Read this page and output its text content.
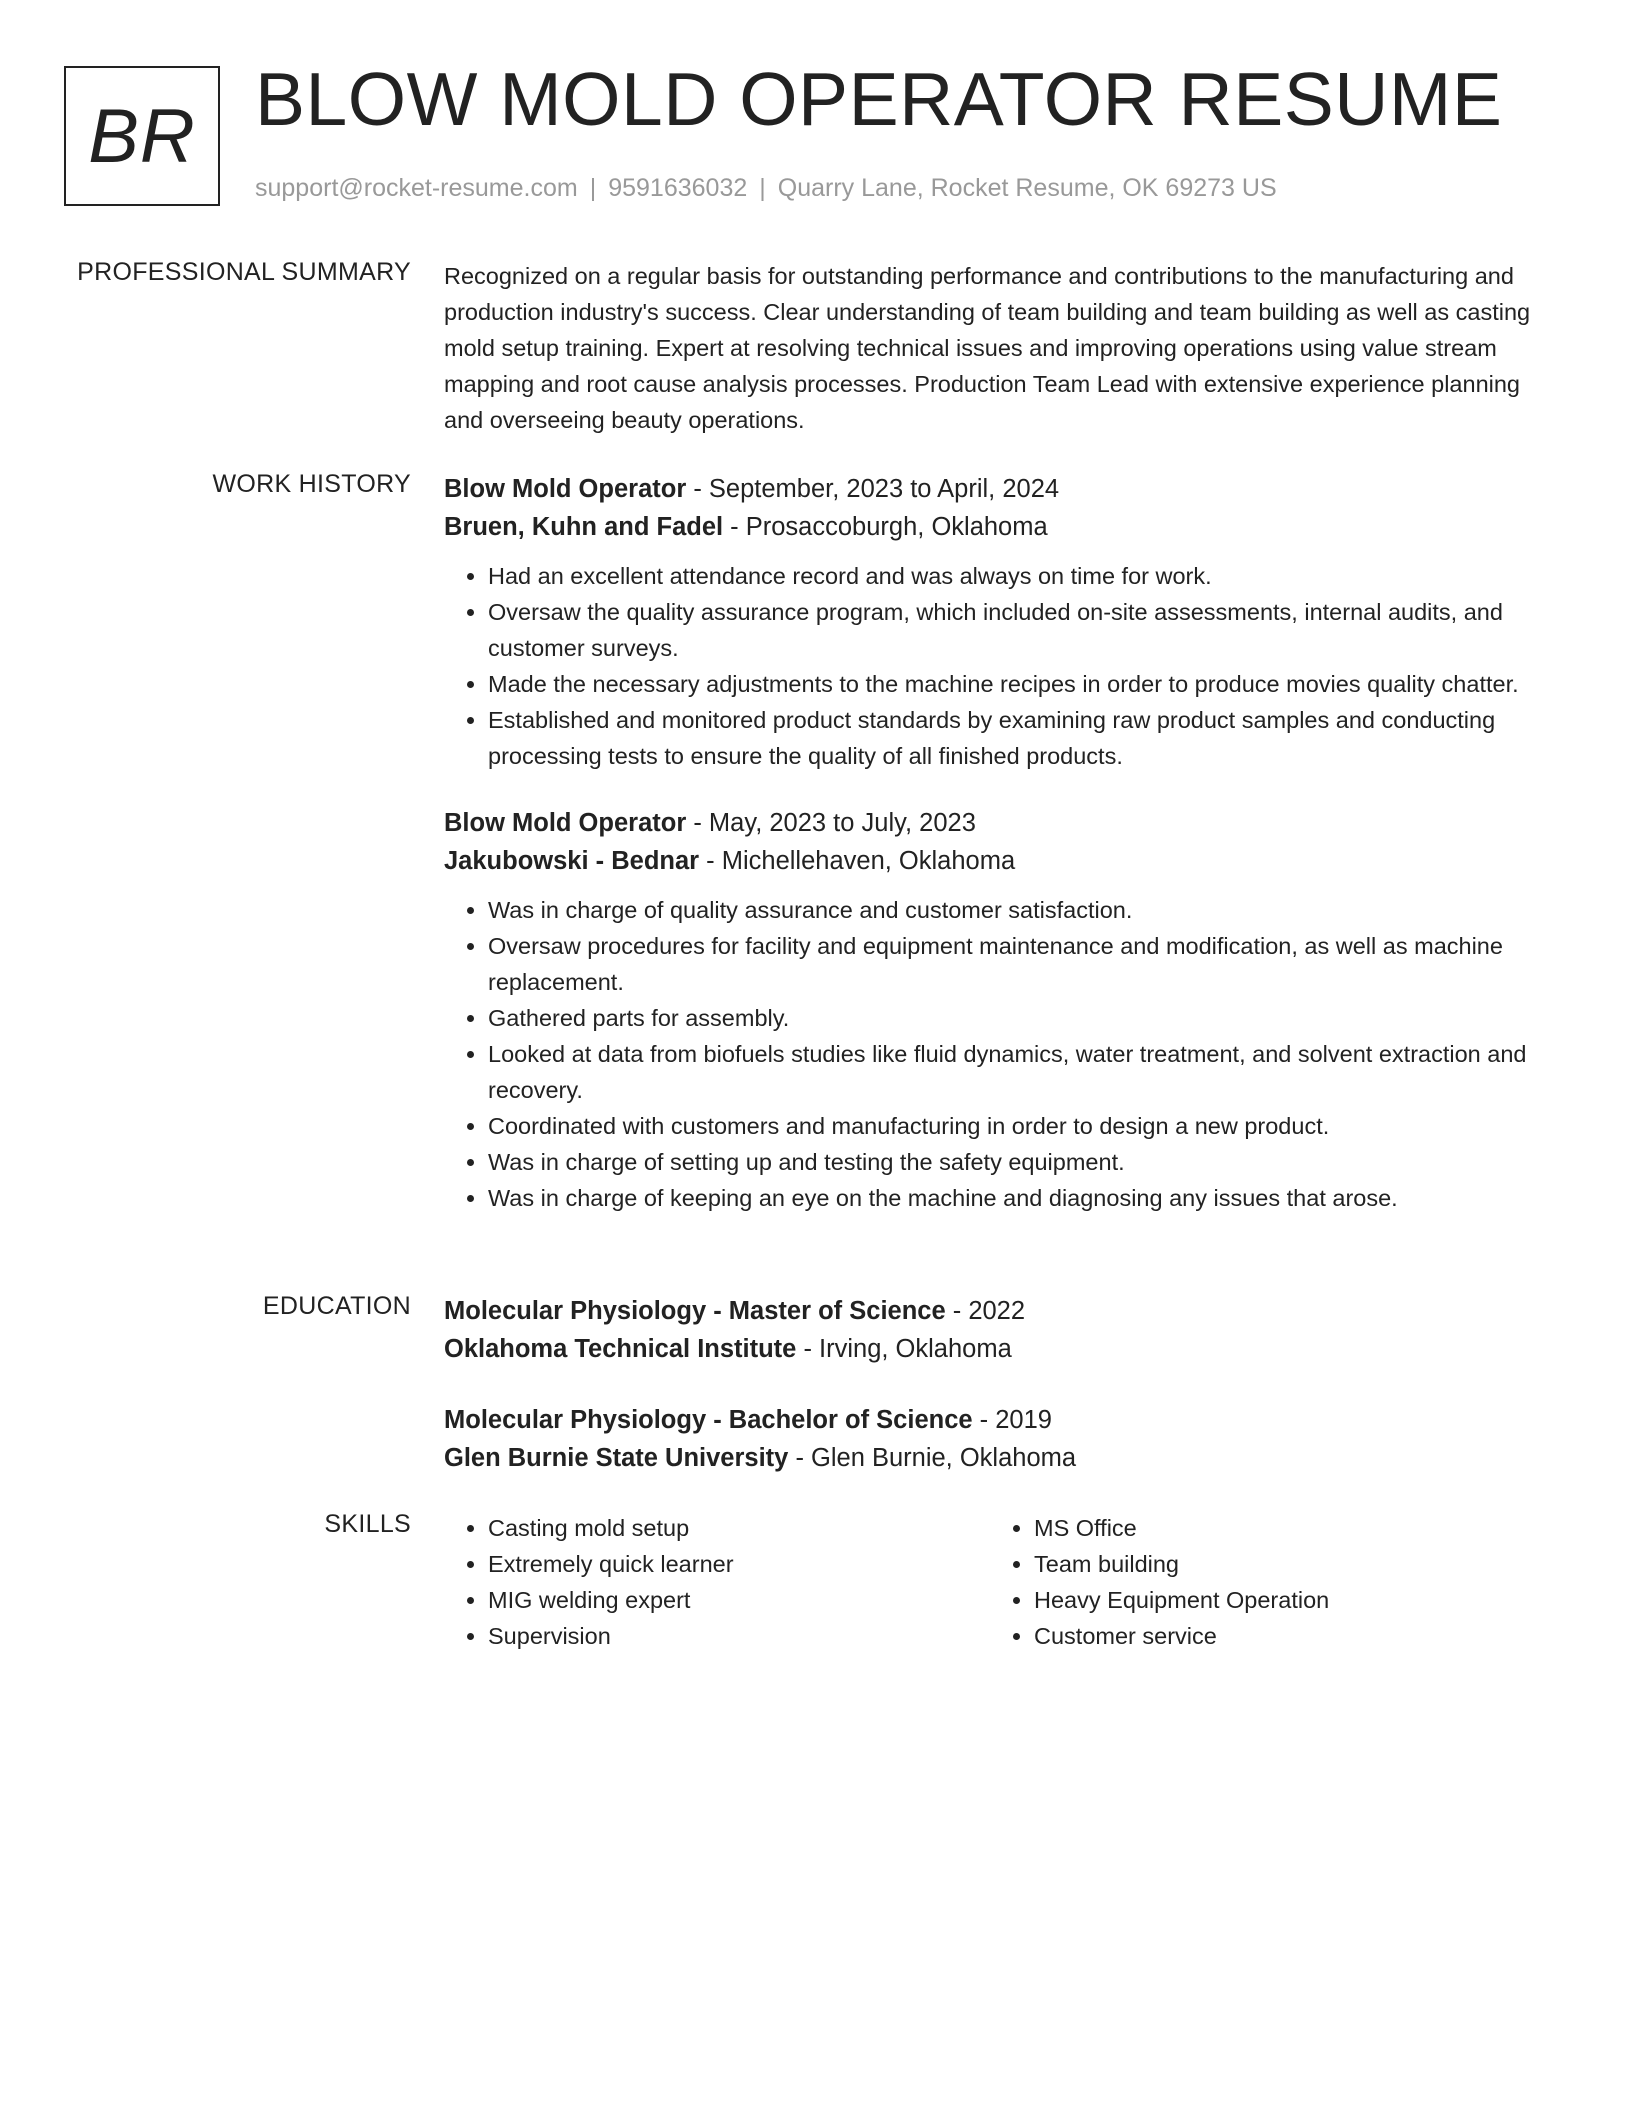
BR BLOW MOLD OPERATOR RESUME
support@rocket-resume.com | 9591636032 | Quarry Lane, Rocket Resume, OK 69273 US
PROFESSIONAL SUMMARY Recognized on a regular basis for outstanding performance and contributions to the manufacturing and production industry's success. Clear understanding of team building and team building as well as casting mold setup training. Expert at resolving technical issues and improving operations using value stream mapping and root cause analysis processes. Production Team Lead with extensive experience planning and overseeing beauty operations.
WORK HISTORY Blow Mold Operator - September, 2023 to April, 2024
Bruen, Kuhn and Fadel - Prosaccoburgh, Oklahoma
• Had an excellent attendance record and was always on time for work.
• Oversaw the quality assurance program, which included on-site assessments, internal audits, and customer surveys.
• Made the necessary adjustments to the machine recipes in order to produce movies quality chatter.
• Established and monitored product standards by examining raw product samples and conducting processing tests to ensure the quality of all finished products.
Blow Mold Operator - May, 2023 to July, 2023
Jakubowski - Bednar - Michellehaven, Oklahoma
• Was in charge of quality assurance and customer satisfaction.
• Oversaw procedures for facility and equipment maintenance and modification, as well as machine replacement.
• Gathered parts for assembly.
• Looked at data from biofuels studies like fluid dynamics, water treatment, and solvent extraction and recovery.
• Coordinated with customers and manufacturing in order to design a new product.
• Was in charge of setting up and testing the safety equipment.
• Was in charge of keeping an eye on the machine and diagnosing any issues that arose.
EDUCATION Molecular Physiology - Master of Science - 2022
Oklahoma Technical Institute - Irving, Oklahoma
Molecular Physiology - Bachelor of Science - 2019
Glen Burnie State University - Glen Burnie, Oklahoma
SKILLS
•	Casting mold setup
• Extremely quick learner
• MIG welding expert
• Supervision
• MS Office
• Team building
• Heavy Equipment Operation
• Customer service
